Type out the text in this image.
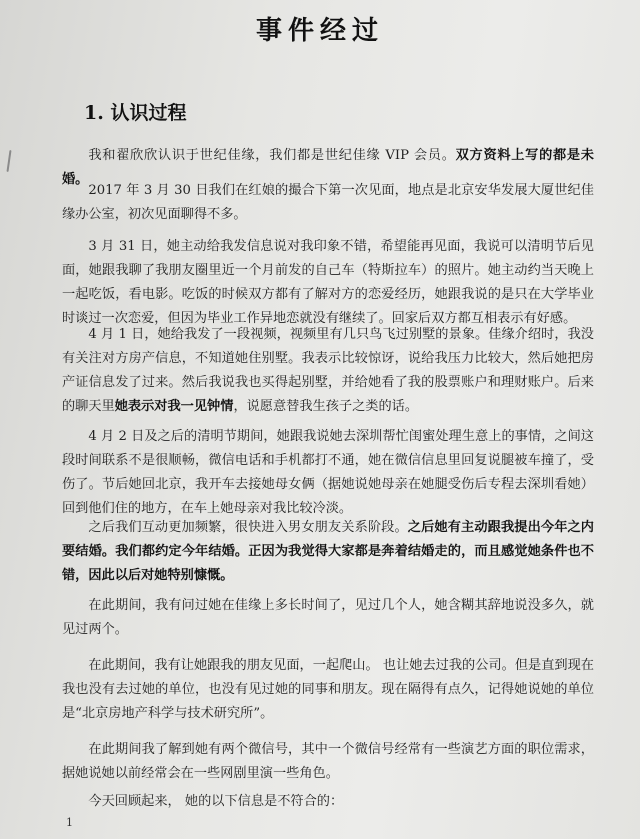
事件经过
1. 认识过程
我和翟欣欣认识于世纪佳缘，我们都是世纪佳缘 VIP 会员。双方资料上写的都是未婚。
2017 年 3 月 30 日我们在红娘的撮合下第一次见面，地点是北京安华发展大厦世纪佳缘办公室，初次见面聊得不多。
3 月 31 日，她主动给我发信息说对我印象不错，希望能再见面，我说可以清明节后见面，她跟我聊了我朋友圈里近一个月前发的自己车（特斯拉车）的照片。她主动约当天晚上一起吃饭，看电影。吃饭的时候双方都有了解对方的恋爱经历，她跟我说的是只在大学毕业时谈过一次恋爱，但因为毕业工作异地恋就没有继续了。回家后双方都互相表示有好感。
4 月 1 日，她给我发了一段视频，视频里有几只鸟飞过别墅的景象。佳缘介绍时，我没有关注对方房产信息，不知道她住别墅。我表示比较惊讶，说给我压力比较大，然后她把房产证信息发了过来。然后我说我也买得起别墅，并给她看了我的股票账户和理财账户。后来的聊天里她表示对我一见钟情，说愿意替我生孩子之类的话。
4 月 2 日及之后的清明节期间，她跟我说她去深圳帮忙闺蜜处理生意上的事情，之间这段时间联系不是很顺畅，微信电话和手机都打不通，她在微信信息里回复说腿被车撞了，受伤了。节后她回北京，我开车去接她母女俩（据她说她母亲在她腿受伤后专程去深圳看她）回到他们住的地方，在车上她母亲对我比较冷淡。
之后我们互动更加频繁，很快进入男女朋友关系阶段。之后她有主动跟我提出今年之内要结婚。我们都约定今年结婚。正因为我觉得大家都是奔着结婚走的，而且感觉她条件也不错，因此以后对她特别慷慨。
在此期间，我有问过她在佳缘上多长时间了，见过几个人，她含糊其辞地说没多久，就见过两个。
在此期间，我有让她跟我的朋友见面，一起爬山。 也让她去过我的公司。但是直到现在我也没有去过她的单位，也没有见过她的同事和朋友。现在隔得有点久，记得她说她的单位是“北京房地产科学与技术研究所”。
在此期间我了解到她有两个微信号，其中一个微信号经常有一些演艺方面的职位需求，据她说她以前经常会在一些网剧里演一些角色。
今天回顾起来， 她的以下信息是不符合的：
1
